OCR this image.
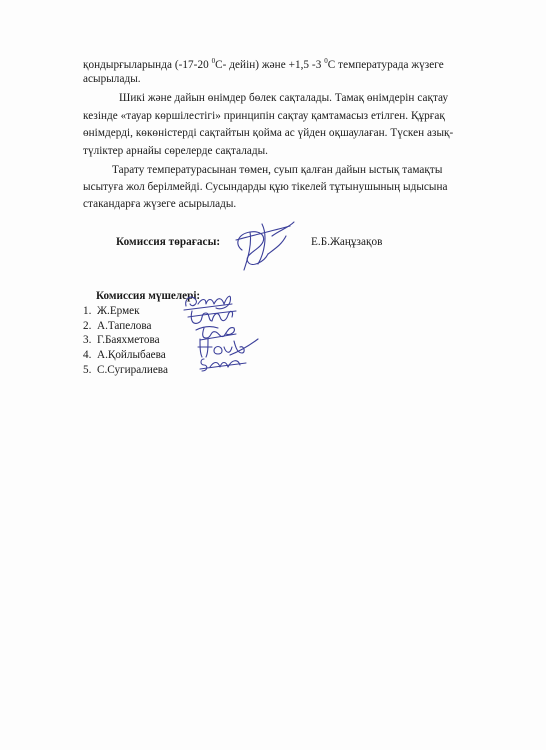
қондырғыларында (-17-20 $^0$С- дейін) және +1,5 -3 $^0$С температурада жүзеге
асырылады.
Шикі және дайын өнімдер бөлек сақталады. Тамақ өнімдерін сақтау
кезінде «тауар көршілестігі» принципін сақтау қамтамасыз етілген. Құрғақ
өнімдерді, көкөністерді сақтайтын қойма ас үйден оқшаулаған. Түскен азық-
түліктер арнайы сөрелерде сақталады.
Тарату температурасынан төмен, суып қалған дайын ыстық тамақты
ысытуға жол берілмейді. Сусындарды құю тікелей тұтынушының ыдысына
стакандарға жүзеге асырылады.
Комиссия төрағасы:	Е.Б.Жаңұзақов
Комиссия мүшелері:
1. Ж.Ермек
2. А.Тапелова
3. Г.Баяхметова
4. А.Қойлыбаева
5. С.Сугиралиева
